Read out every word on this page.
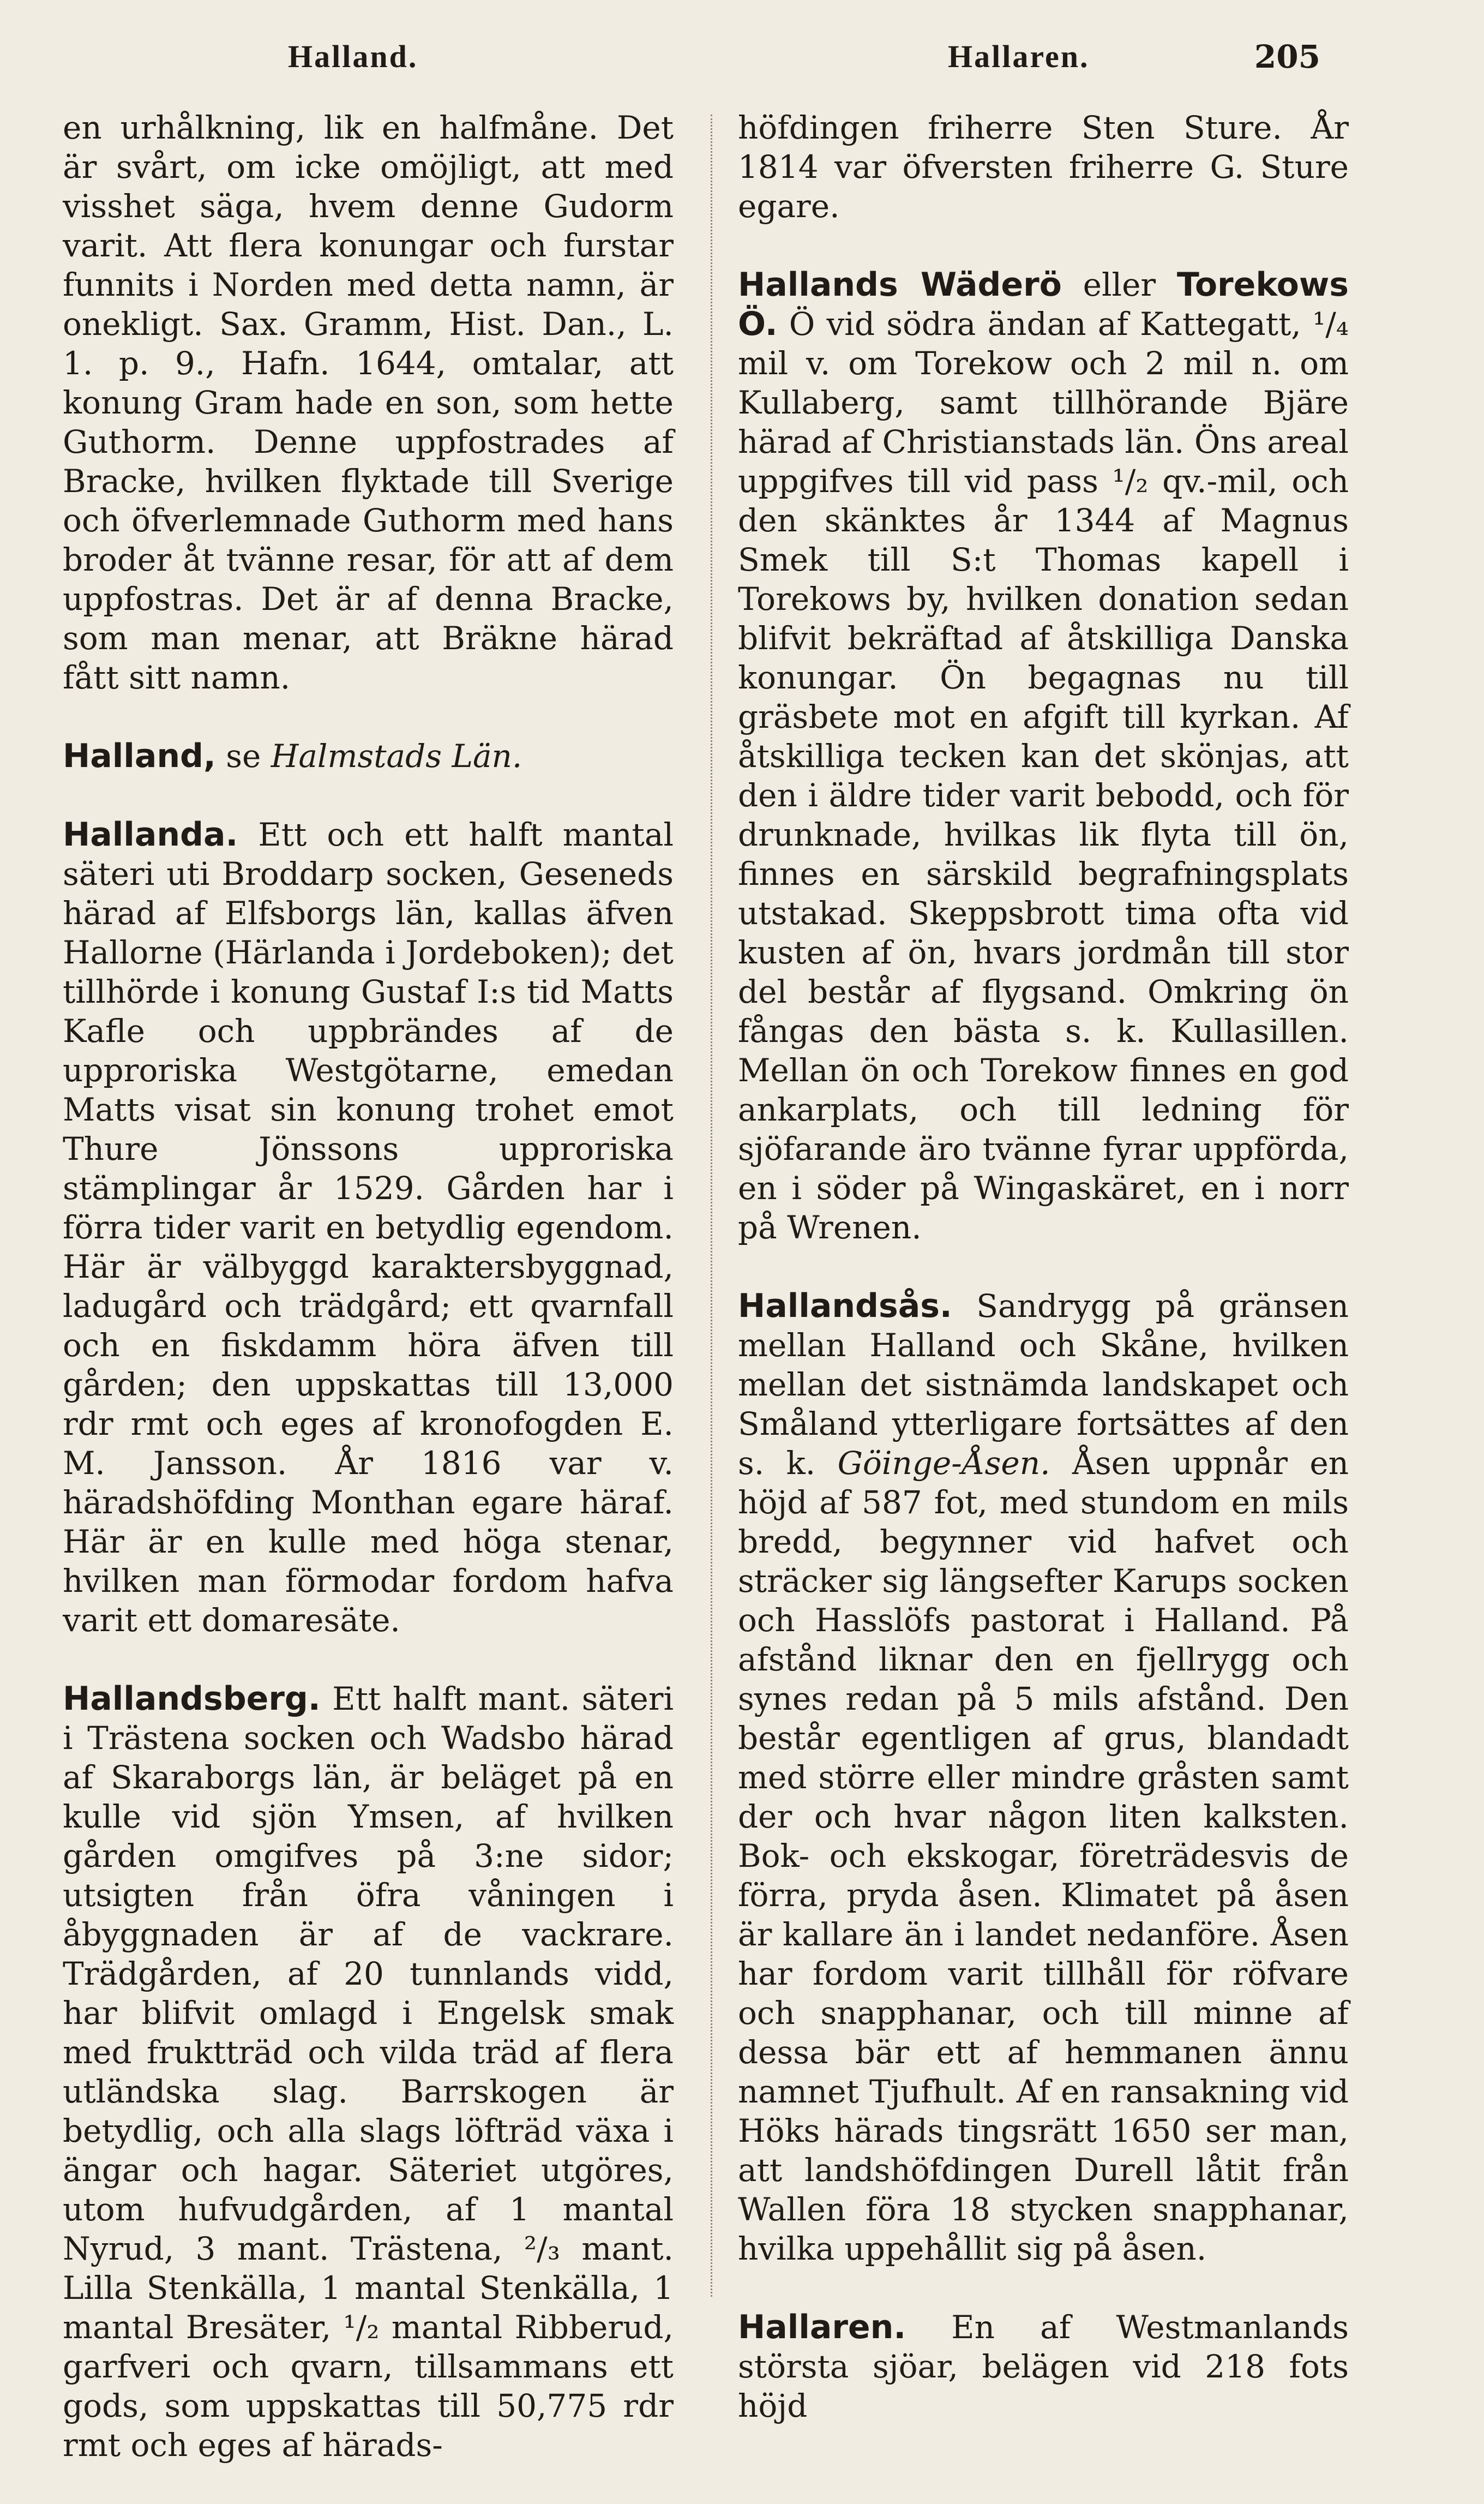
Halland.	Hallaren.	205

en urhålkning, lik en halfmåne. Det är svårt, om icke omöjligt, att med visshet säga, hvem denne Gudorm varit. Att flera konungar och furstar funnits i Norden med detta namn, är onekligt. Sax. Gramm, Hist. Dan., L. 1. p. 9., Hafn. 1644, omtalar, att konung Gram hade en son, som hette Guthorm. Denne uppfostrades af Bracke, hvilken flyktade till Sverige och öfverlemnade Guthorm med hans broder åt tvänne resar, för att af dem uppfostras. Det är af denna Bracke, som man menar, att Bräkne härad fått sitt namn.

Halland, se Halmstads Län.

Hallanda. Ett och ett halft mantal säteri uti Broddarp socken, Geseneds härad af Elfsborgs län, kallas äfven Hallorne (Härlanda i Jordeboken); det tillhörde i konung Gustaf I:s tid Matts Kafle och uppbrändes af de upproriska Westgötarne, emedan Matts visat sin konung trohet emot Thure Jönssons upproriska stämplingar år 1529. Gården har i förra tider varit en betydlig egendom. Här är välbyggd karaktersbyggnad, ladugård och trädgård; ett qvarnfall och en fiskdamm höra äfven till gården; den uppskattas till 13,000 rdr rmt och eges af kronofogden E. M. Jansson. År 1816 var v. häradshöfding Monthan egare häraf. Här är en kulle med höga stenar, hvilken man förmodar fordom hafva varit ett domaresäte.

Hallandsberg. Ett halft mant. säteri i Trästena socken och Wadsbo härad af Skaraborgs län, är beläget på en kulle vid sjön Ymsen, af hvilken gården omgifves på 3:ne sidor; utsigten från öfra våningen i åbyggnaden är af de vackrare. Trädgården, af 20 tunnlands vidd, har blifvit omlagd i Engelsk smak med fruktträd och vilda träd af flera utländska slag. Barrskogen är betydlig, och alla slags löfträd växa i ängar och hagar. Säteriet utgöres, utom hufvudgården, af 1 mantal Nyrud, 3 mant. Trästena, ²/₃ mant. Lilla Stenkälla, 1 mantal Stenkälla, 1 mantal Bresäter, ¹/₂ mantal Ribberud, garfveri och qvarn, tillsammans ett gods, som uppskattas till 50,775 rdr rmt och eges af härads-

höfdingen friherre Sten Sture. År 1814 var öfversten friherre G. Sture egare.

Hallands Wäderö eller Torekows Ö. Ö vid södra ändan af Kattegatt, ¹/₄ mil v. om Torekow och 2 mil n. om Kullaberg, samt tillhörande Bjäre härad af Christianstads län. Öns areal uppgifves till vid pass ¹/₂ qv.-mil, och den skänktes år 1344 af Magnus Smek till S:t Thomas kapell i Torekows by, hvilken donation sedan blifvit bekräftad af åtskilliga Danska konungar. Ön begagnas nu till gräsbete mot en afgift till kyrkan. Af åtskilliga tecken kan det skönjas, att den i äldre tider varit bebodd, och för drunknade, hvilkas lik flyta till ön, finnes en särskild begrafningsplats utstakad. Skeppsbrott tima ofta vid kusten af ön, hvars jordmån till stor del består af flygsand. Omkring ön fångas den bästa s. k. Kullasillen. Mellan ön och Torekow finnes en god ankarplats, och till ledning för sjöfarande äro tvänne fyrar uppförda, en i söder på Wingaskäret, en i norr på Wrenen.

Hallandsås. Sandrygg på gränsen mellan Halland och Skåne, hvilken mellan det sistnämda landskapet och Småland ytterligare fortsättes af den s. k. Göinge-Åsen. Åsen uppnår en höjd af 587 fot, med stundom en mils bredd, begynner vid hafvet och sträcker sig längsefter Karups socken och Hasslöfs pastorat i Halland. På afstånd liknar den en fjellrygg och synes redan på 5 mils afstånd. Den består egentligen af grus, blandadt med större eller mindre gråsten samt der och hvar någon liten kalksten. Bok- och ekskogar, företrädesvis de förra, pryda åsen. Klimatet på åsen är kallare än i landet nedanföre. Åsen har fordom varit tillhåll för röfvare och snapphanar, och till minne af dessa bär ett af hemmanen ännu namnet Tjufhult. Af en ransakning vid Höks härads tingsrätt 1650 ser man, att landshöfdingen Durell låtit från Wallen föra 18 stycken snapphanar, hvilka uppehållit sig på åsen.

Hallaren. En af Westmanlands största sjöar, belägen vid 218 fots höjd
